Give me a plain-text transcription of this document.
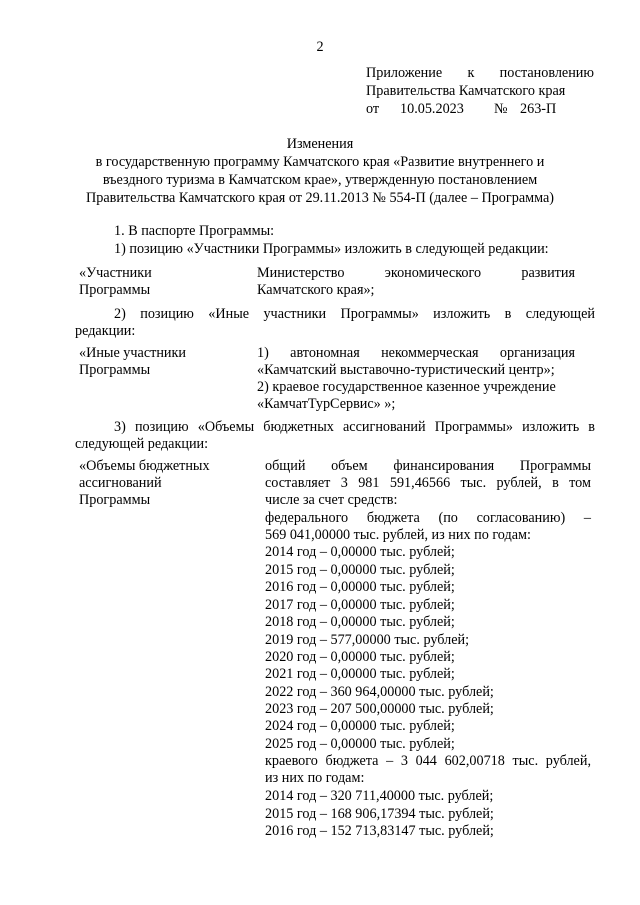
2
Приложение к постановлению
Правительства Камчатского края
от 10.05.2023 № 263-П
Изменения
в государственную программу Камчатского края «Развитие внутреннего и
въездного туризма в Камчатском крае», утвержденную постановлением
Правительства Камчатского края от 29.11.2013 № 554-П (далее – Программа)
1. В паспорте Программы:
1) позицию «Участники Программы» изложить в следующей редакции:
«Участники
Программы
Министерство экономического развития
Камчатского края»;
2) позицию «Иные участники Программы» изложить в следующей
редакции:
«Иные участники
Программы
1) автономная некоммерческая организация
«Камчатский выставочно-туристический центр»;
2) краевое государственное казенное учреждение
«КамчатТурСервис» »;
3) позицию «Объемы бюджетных ассигнований Программы» изложить в
следующей редакции:
«Объемы бюджетных
ассигнований
Программы
общий объем финансирования Программы
составляет 3 981 591,46566 тыс. рублей, в том
числе за счет средств:
федерального бюджета (по согласованию) –
569 041,00000 тыс. рублей, из них по годам:
2014 год – 0,00000 тыс. рублей;
2015 год – 0,00000 тыс. рублей;
2016 год – 0,00000 тыс. рублей;
2017 год – 0,00000 тыс. рублей;
2018 год – 0,00000 тыс. рублей;
2019 год – 577,00000 тыс. рублей;
2020 год – 0,00000 тыс. рублей;
2021 год – 0,00000 тыс. рублей;
2022 год – 360 964,00000 тыс. рублей;
2023 год – 207 500,00000 тыс. рублей;
2024 год – 0,00000 тыс. рублей;
2025 год – 0,00000 тыс. рублей;
краевого бюджета – 3 044 602,00718 тыс. рублей,
из них по годам:
2014 год – 320 711,40000 тыс. рублей;
2015 год – 168 906,17394 тыс. рублей;
2016 год – 152 713,83147 тыс. рублей;
